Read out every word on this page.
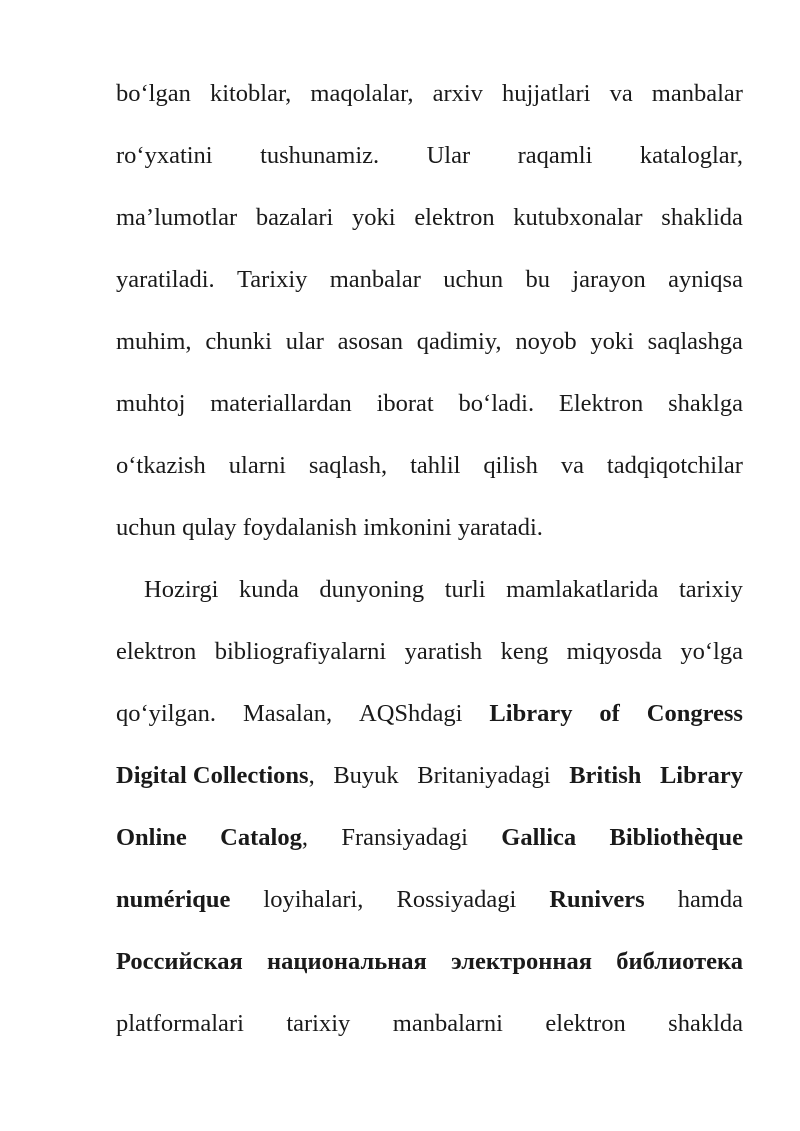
bo‘lgan kitoblar, maqolalar, arxiv hujjatlari va manbalar
ro‘yxatini tushunamiz. Ular raqamli kataloglar,
ma’lumotlar bazalari yoki elektron kutubxonalar shaklida
yaratiladi. Tarixiy manbalar uchun bu jarayon ayniqsa
muhim, chunki ular asosan qadimiy, noyob yoki saqlashga
muhtoj materiallardan iborat bo‘ladi. Elektron shaklga
o‘tkazish ularni saqlash, tahlil qilish va tadqiqotchilar
uchun qulay foydalanish imkonini yaratadi.
Hozirgi kunda dunyoning turli mamlakatlarida tarixiy
elektron bibliografiyalarni yaratish keng miqyosda yo‘lga
qo‘yilgan. Masalan, AQShdagi Library of Congress
Digital Collections, Buyuk Britaniyadagi British Library
Online Catalog, Fransiyadagi Gallica Bibliothèque
numérique loyihalari, Rossiyadagi Runivers hamda
Российская национальная электронная библиотека
platformalari tarixiy manbalarni elektron shaklda
